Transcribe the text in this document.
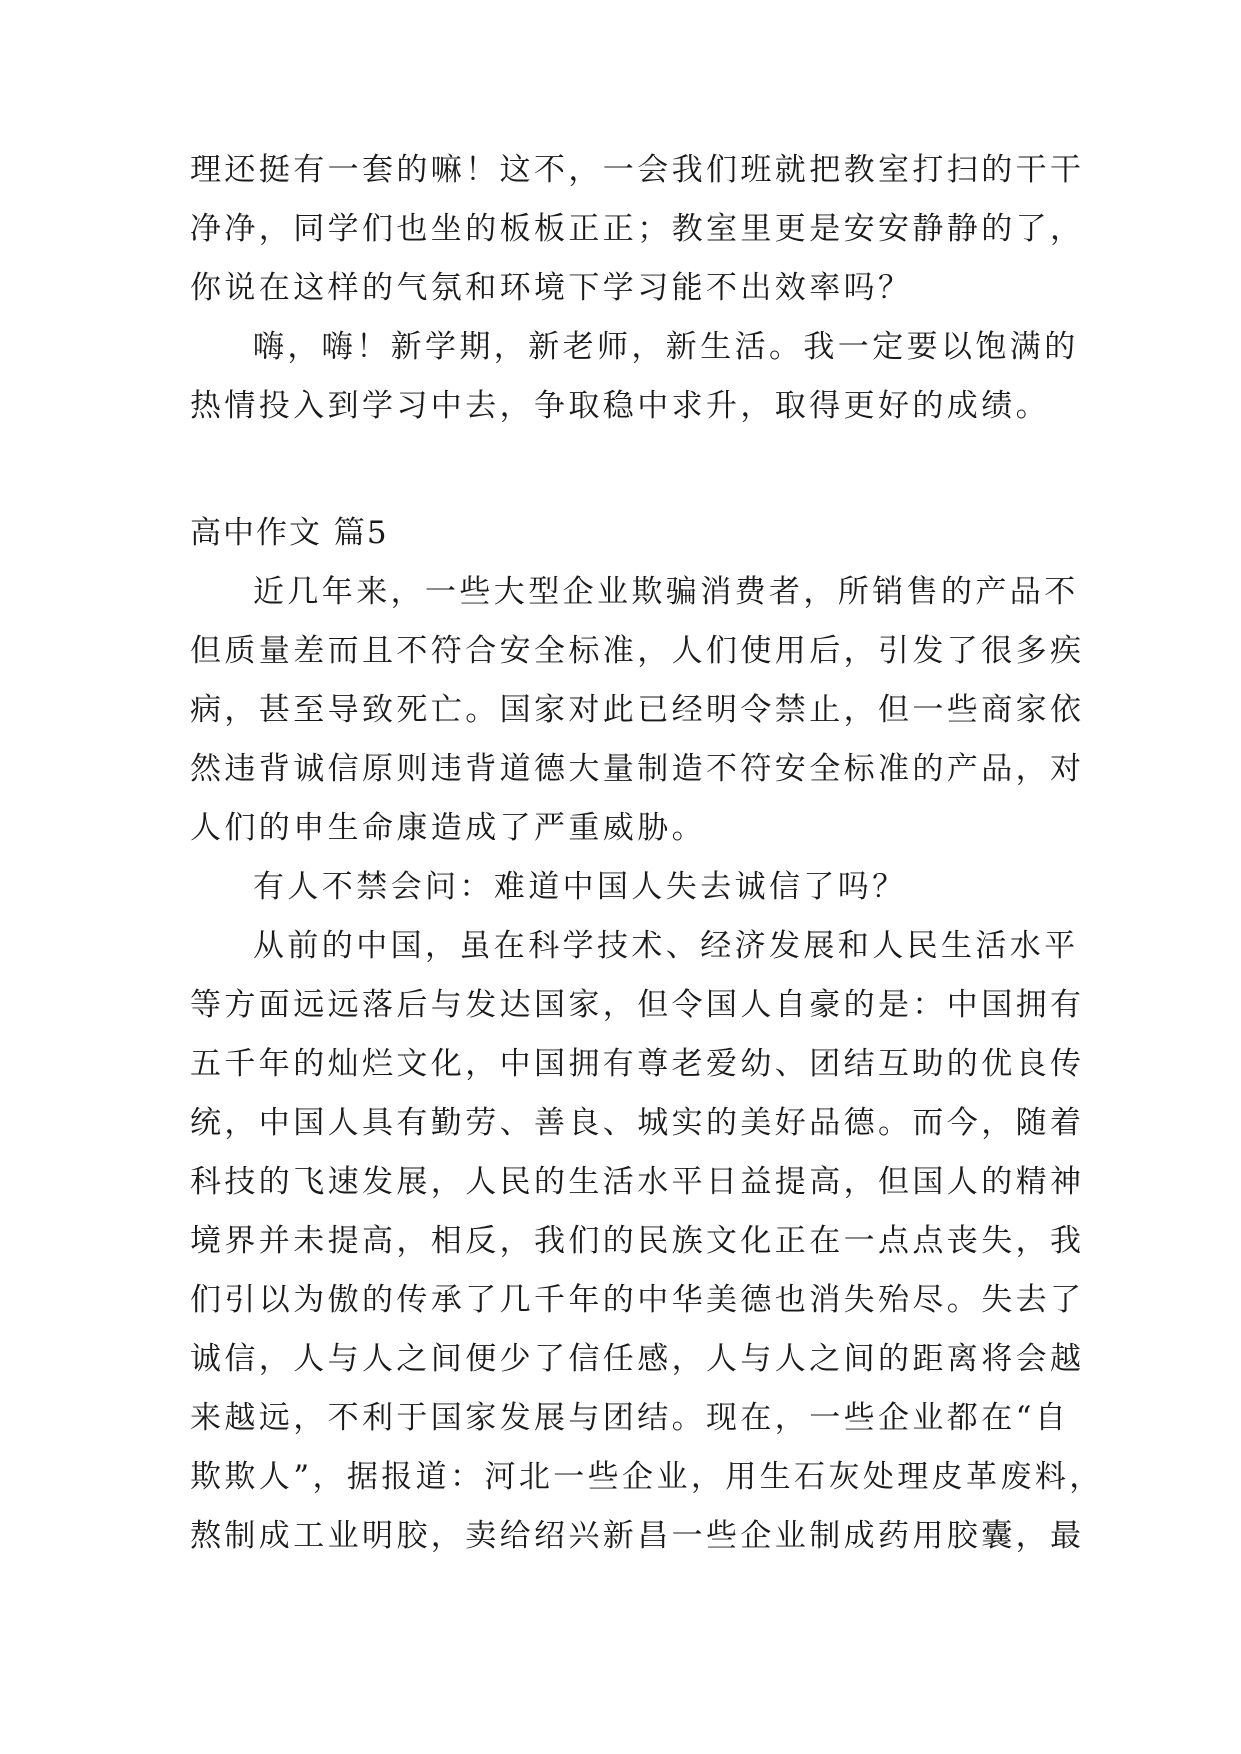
理还挺有一套的嘛！这不，一会我们班就把教室打扫的干干
净净，同学们也坐的板板正正；教室里更是安安静静的了，
你说在这样的气氛和环境下学习能不出效率吗？
嗨，嗨！新学期，新老师，新生活。我一定要以饱满的
热情投入到学习中去，争取稳中求升，取得更好的成绩。
高中作文 篇5
近几年来，一些大型企业欺骗消费者，所销售的产品不
但质量差而且不符合安全标准，人们使用后，引发了很多疾
病，甚至导致死亡。国家对此已经明令禁止，但一些商家依
然违背诚信原则违背道德大量制造不符安全标准的产品，对
人们的申生命康造成了严重威胁。
有人不禁会问：难道中国人失去诚信了吗？
从前的中国，虽在科学技术、经济发展和人民生活水平
等方面远远落后与发达国家，但令国人自豪的是：中国拥有
五千年的灿烂文化，中国拥有尊老爱幼、团结互助的优良传
统，中国人具有勤劳、善良、城实的美好品德。而今，随着
科技的飞速发展，人民的生活水平日益提高，但国人的精神
境界并未提高，相反，我们的民族文化正在一点点丧失，我
们引以为傲的传承了几千年的中华美德也消失殆尽。失去了
诚信，人与人之间便少了信任感，人与人之间的距离将会越
来越远，不利于国家发展与团结。现在，一些企业都在“自
欺欺人”，据报道：河北一些企业，用生石灰处理皮革废料，
熬制成工业明胶，卖给绍兴新昌一些企业制成药用胶囊，最
